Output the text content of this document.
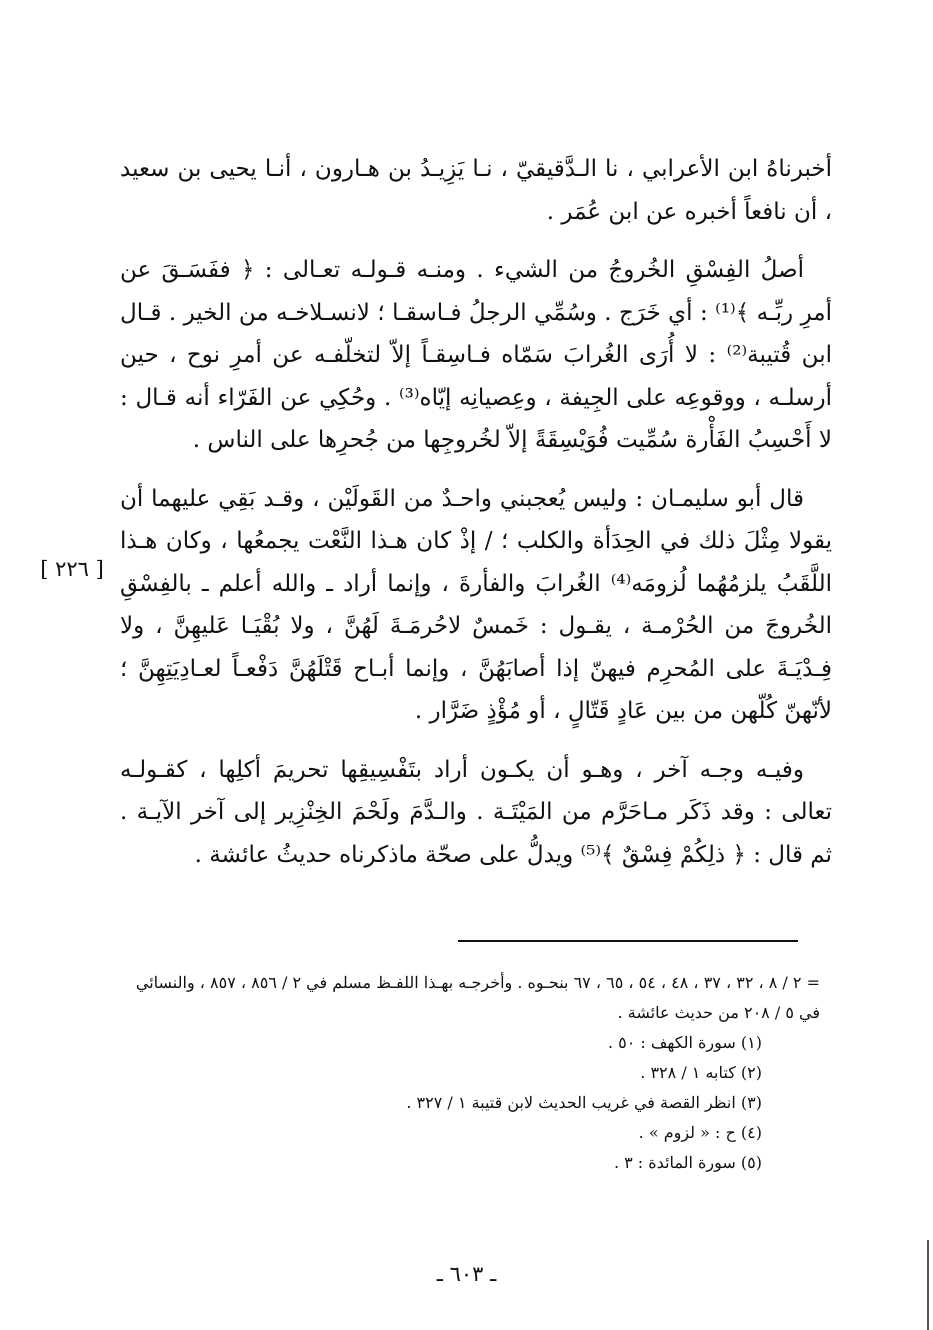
أخبرناهُ ابن الأعرابي ، نا الـدَّقيقيّ ، نـا يَزِيـدُ بن هـارون ، أنـا يحيى بن سعيد ، أن نافعاً أخبره عن ابن عُمَر .

أصلُ الفِسْقِ الخُروجُ من الشيء . ومنـه قـولـه تعـالى : ﴿ ففَسَـقَ عن أمرِ ربِّـه ﴾⁽¹⁾ : أي خَرَج . وسُمِّي الرجلُ فـاسقـا ؛ لانسـلاخـه من الخير . قـال ابن قُتيبة⁽²⁾ : لا أُرَى الغُرابَ سَمّاه فـاسِقـاً إلاّ لتخلّفـه عن أمرِ نوح ، حين أرسلـه ، ووقوعِه على الجِيفة ، وعِصيانِه إيّاه⁽³⁾ . وحُكِي عن الفَرّاء أنه قـال : لا أَحْسِبُ الفَأْرة سُمِّيت فُوَيْسِقَةً إلاّ لخُروجِها من جُحرِها على الناس .

قال أبو سليمـان : وليس يُعجبني واحـدٌ من القَولَيْن ، وقـد بَقِي عليهما أن يقولا مِثْلَ ذلك في الحِدَأة والكلب ؛ / إذْ كان هـذا النَّعْت يجمعُها ، وكان هـذا اللَّقَبُ يلزمُهُما لُزومَه⁽⁴⁾ الغُرابَ والفأرةَ ، وإنما أراد ـ والله أعلم ـ بالفِسْقِ الخُروجَ من الحُرْمـة ، يقـول : خَمسٌ لاحُرمَـةَ لَهُنَّ ، ولا بُقْيَـا عَليهِنَّ ، ولا فِـدْيَـةَ على المُحرِم فيهنّ إذا أصابَهُنَّ ، وإنما أبـاح قَتْلَهُنَّ دَفْعـاً لعـادِيَتِهِنَّ ؛ لأنّهنّ كُلّهن من بين عَادٍ قَتّالٍ ، أو مُؤْذٍ ضَرَّار .

وفيـه وجـه آخر ، وهـو أن يكـون أراد بتَفْسِيقِها تحريمَ أكلِها ، كقـولـه تعالى : وقد ذَكَر مـاحَرَّم من المَيْتَـة . والـدَّمَ ولَحْمَ الخِنْزِير إلى آخر الآيـة . ثم قال : ﴿ ذلِكُمْ فِسْقٌ ﴾⁽⁵⁾ ويدلُّ على صحّة ماذكرناه حديثُ عائشة .

[ ٢٢٦ ]

= ٢ / ٨ ، ٣٢ ، ٣٧ ، ٤٨ ، ٥٤ ، ٦٥ ، ٦٧ بنحـوه . وأخرجـه بهـذا اللفـظ مسلم في ٢ / ٨٥٦ ، ٨٥٧ ، والنسائي في ٥ / ٢٠٨ من حديث عائشة .

(١) سورة الكهف : ٥٠ .
(٢) كتابه ١ / ٣٢٨ .
(٣) انظر القصة في غريب الحديث لابن قتيبة ١ / ٣٢٧ .
(٤) ح : « لزوم » .
(٥) سورة المائدة : ٣ .
ـ ٦٠٣ ـ
